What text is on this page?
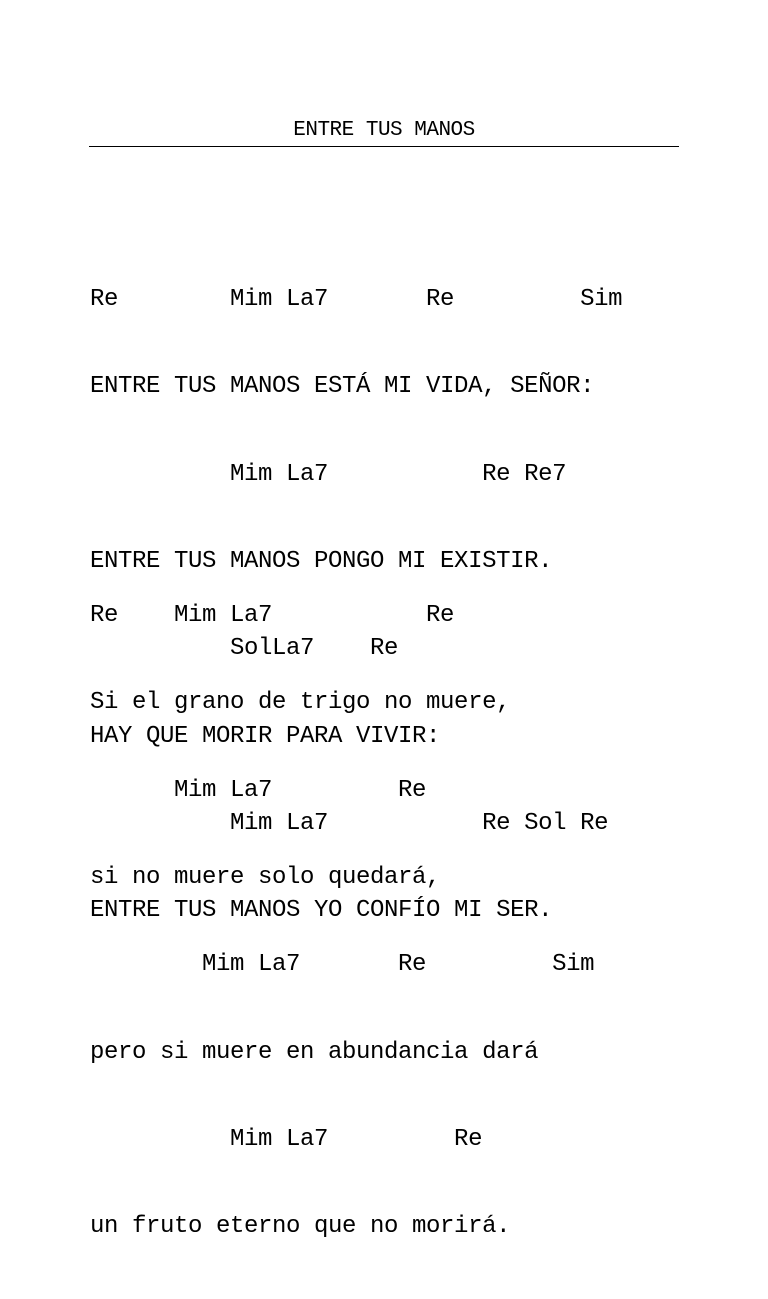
ENTRE TUS MANOS

Re        Mim La7       Re         Sim

ENTRE TUS MANOS ESTÁ MI VIDA, SEÑOR:

Mim La7           Re Re7

ENTRE TUS MANOS PONGO MI EXISTIR.

SolLa7    Re

HAY QUE MORIR PARA VIVIR:

Mim La7           Re Sol Re

ENTRE TUS MANOS YO CONFÍO MI SER.

Re    Mim La7           Re

Si el grano de trigo no muere,

Mim La7         Re

si no muere solo quedará,

Mim La7       Re         Sim

pero si muere en abundancia dará

Mim La7         Re

un fruto eterno que no morirá.
